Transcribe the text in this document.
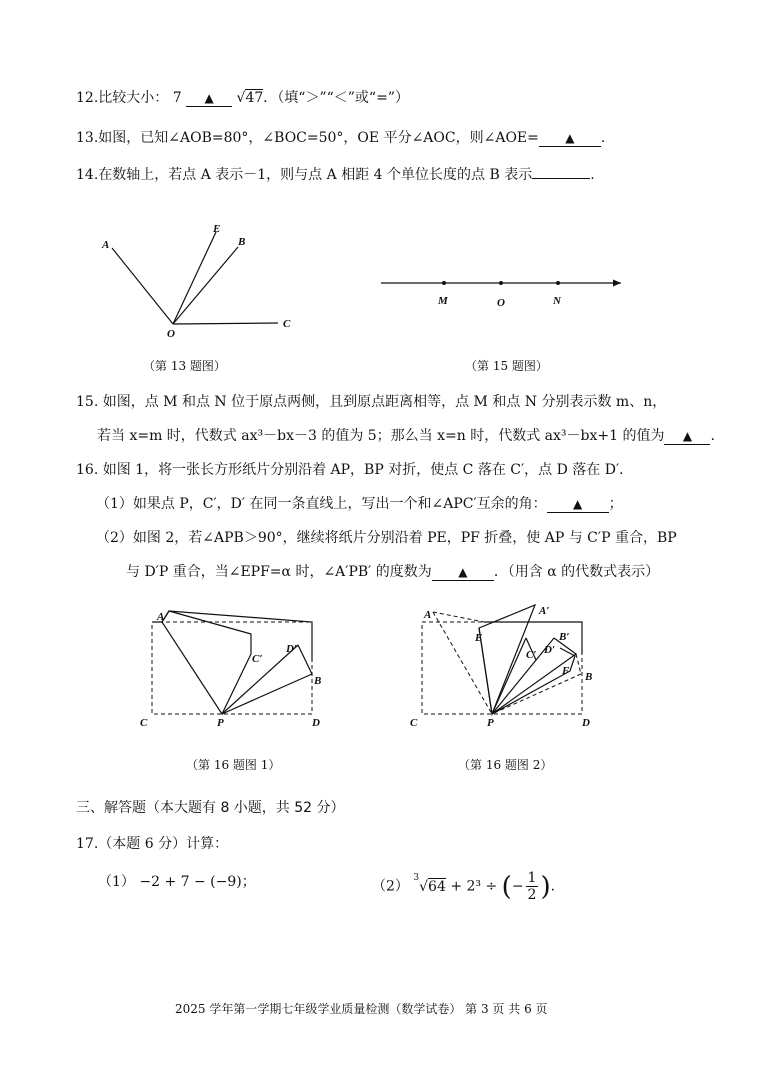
12.比较大小： 7 ▲ √47．（填“＞”“＜”或“=”）
13.如图，已知∠AOB=80°，∠BOC=50°，OE 平分∠AOC，则∠AOE= ▲ .
14.在数轴上，若点 A 表示－1，则与点 A 相距 4 个单位长度的点 B 表示	.
A
E
B
O
C
（第 13 题图）
M	O	N
（第 15 题图）
15. 如图，点 M 和点 N 位于原点两侧，且到原点距离相等，点 M 和点 N 分别表示数 m、n，
若当 x=m 时，代数式 ax³－bx－3 的值为 5；那么当 x=n 时，代数式 ax³－bx+1 的值为 ▲ .
16. 如图 1，将一张长方形纸片分别沿着 AP，BP 对折，使点 C 落在 C′，点 D 落在 D′．
（1）如果点 P，C′，D′ 在同一条直线上，写出一个和∠APC′互余的角： ▲ ；
（2）如图 2，若∠APB＞90°，继续将纸片分别沿着 PE，PF 折叠，使 AP 与 C′P 重合，BP
与 D′P 重合，当∠EPF=α 时，∠A′PB′ 的度数为 ▲ ．（用含 α 的代数式表示）
A
C′
D′
B
C	P	D
（第 16 题图 1）
A	A′
E	B′
C′ D′
F B
C	P	D
（第 16 题图 2）
三、解答题（本大题有 8 小题，共 52 分）
17.（本题 6 分）计算：
（1） −2 + 7 − (−9)；	（2） $^3$√64 + 2³ ÷ (− $\frac{1}{2}$ ).
2025 学年第一学期七年级学业质量检测（数学试卷） 第 3 页 共 6 页
